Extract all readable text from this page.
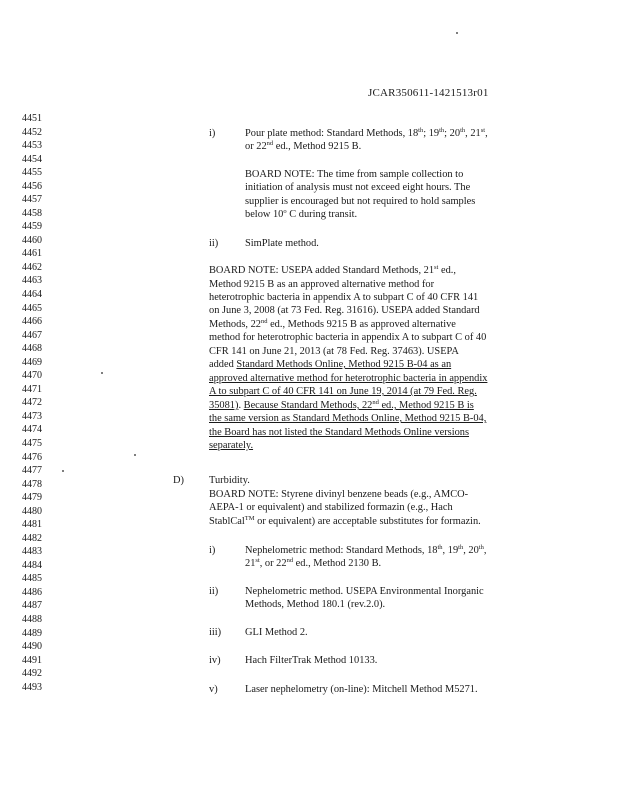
JCAR350611-1421513r01
4451
4452
4453
4454
4455
4456
4457
4458
4459
4460
4461
4462
4463
4464
4465
4466
4467
4468
4469
4470
4471
4472
4473
4474
4475
4476
4477
4478
4479
4480
4481
4482
4483
4484
4485
4486
4487
4488
4489
4490
4491
4492
4493
i)	Pour plate method: Standard Methods, 18th; 19th; 20th, 21st,
or 22nd ed., Method 9215 B.
BOARD NOTE: The time from sample collection to
initiation of analysis must not exceed eight hours. The
supplier is encouraged but not required to hold samples
below 10$^o$ C during transit.
ii)	SimPlate method.
BOARD NOTE: USEPA added Standard Methods, 21st ed.,
Method 9215 B as an approved alternative method for
heterotrophic bacteria in appendix A to subpart C of 40 CFR 141
on June 3, 2008 (at 73 Fed. Reg. 31616). USEPA added Standard
Methods, 22nd ed., Methods 9215 B as approved alternative
method for heterotrophic bacteria in appendix A to subpart C of 40
CFR 141 on June 21, 2013 (at 78 Fed. Reg. 37463). USEPA
added Standard Methods Online, Method 9215 B-04 as an
approved alternative method for heterotrophic bacteria in appendix
A to subpart C of 40 CFR 141 on June 19, 2014 (at 79 Fed. Reg.
35081). Because Standard Methods, 22nd ed., Method 9215 B is
the same version as Standard Methods Online, Method 9215 B-04,
the Board has not listed the Standard Methods Online versions
separately.
D) Turbidity.
BOARD NOTE: Styrene divinyl benzene beads (e.g., AMCO-
AEPA-1 or equivalent) and stabilized formazin (e.g., Hach
StablCal™ or equivalent) are acceptable substitutes for formazin.
i)	Nephelometric method: Standard Methods, 18th, 19th, 20th,
21st, or 22nd ed., Method 2130 B.
ii)	Nephelometric method. USEPA Environmental Inorganic
Methods, Method 180.1 (rev.2.0).
iii) GLI Method 2.
iv) Hach FilterTrak Method 10133.
v)	Laser nephelometry (on-line): Mitchell Method M5271.
